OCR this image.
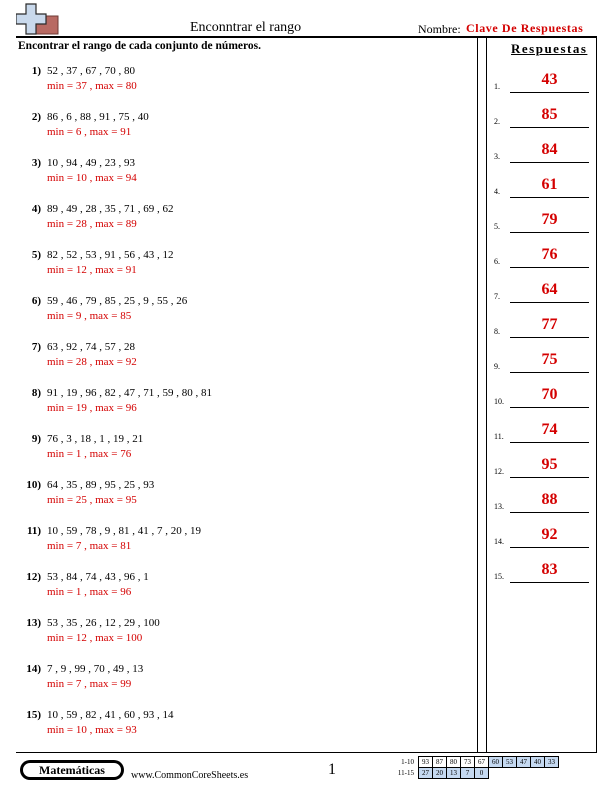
Enconntrar el rango	Nombre: Clave De Respuestas
Encontrar el rango de cada conjunto de números.	Respuestas
1) 52 , 37 , 67 , 70 , 80
min = 37 , max = 80
2) 86 , 6 , 88 , 91 , 75 , 40
min = 6 , max = 91
3) 10 , 94 , 49 , 23 , 93
min = 10 , max = 94
4) 89 , 49 , 28 , 35 , 71 , 69 , 62
min = 28 , max = 89
5) 82 , 52 , 53 , 91 , 56 , 43 , 12
min = 12 , max = 91
6) 59 , 46 , 79 , 85 , 25 , 9 , 55 , 26
min = 9 , max = 85
7) 63 , 92 , 74 , 57 , 28
min = 28 , max = 92
8) 91 , 19 , 96 , 82 , 47 , 71 , 59 , 80 , 81
min = 19 , max = 96
9) 76 , 3 , 18 , 1 , 19 , 21
min = 1 , max = 76
10) 64 , 35 , 89 , 95 , 25 , 93
min = 25 , max = 95
11) 10 , 59 , 78 , 9 , 81 , 41 , 7 , 20 , 19
min = 7 , max = 81
12) 53 , 84 , 74 , 43 , 96 , 1
min = 1 , max = 96
13) 53 , 35 , 26 , 12 , 29 , 100
min = 12 , max = 100
14) 7 , 9 , 99 , 70 , 49 , 13
min = 7 , max = 99
15) 10 , 59 , 82 , 41 , 60 , 93 , 14
min = 10 , max = 93
1.	43
2.	85
3.	84
4.	61
5.	79
6.	76
7.	64
8.	77
9.	75
10.	70
11.	74
12.	95
13.	88
14.	92
15.	83
Matemáticas	www.CommonCoreSheets.es	1	1-10	93	87	80	73	67	60	53	47	40	33
11-15	27	20	13	7	0					
